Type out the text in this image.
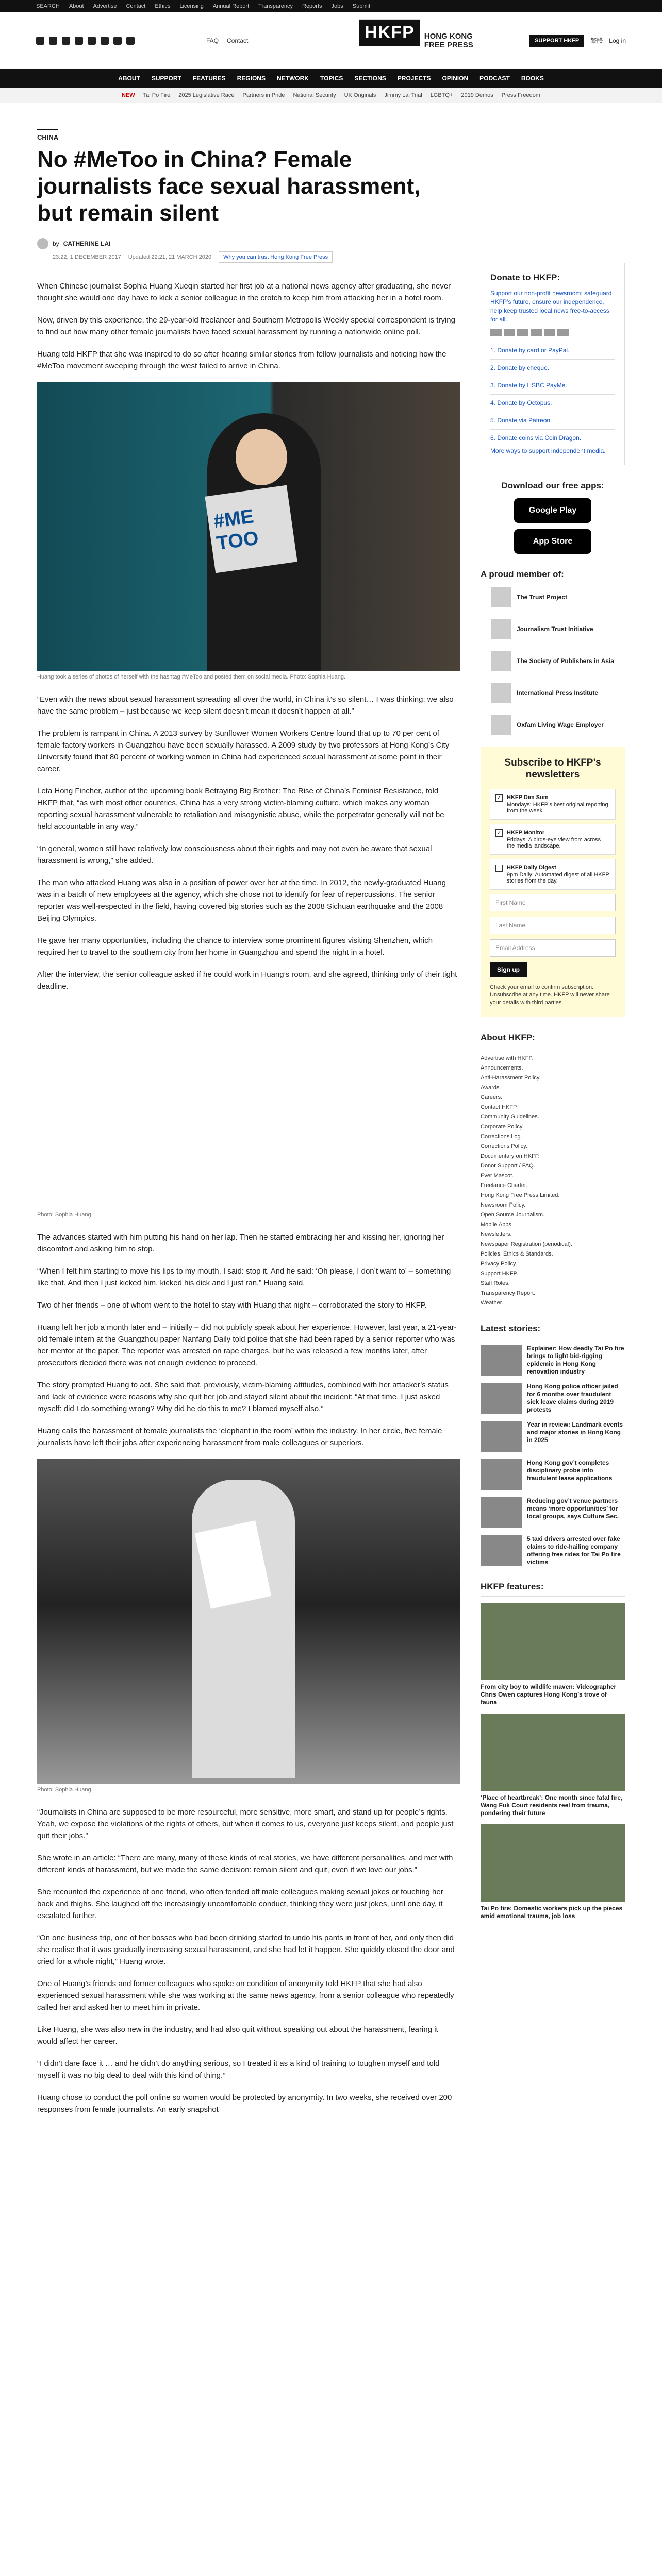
SEARCH About Advertise Contact Ethics Licensing Annual Report Transparency Reports Jobs Submit
FAQ Contact	HKFP	HONG KONG
FREE PRESS	SUPPORT HKFP	繁體 Log in
ABOUT SUPPORT FEATURES REGIONS NETWORK TOPICS SECTIONS PROJECTS OPINION PODCAST BOOKS
NEW Tai Po Fire 2025 Legislative Race Partners in Pride National Security UK Originals Jimmy Lai Trial LGBTQ+ 2019 Demos Press Freedom
CHINA
No #MeToo in China? Female journalists face sexual harassment, but remain silent
by CATHERINE LAI
23:22, 1 DECEMBER 2017 Updated 22:21, 21 MARCH 2020	Why you can trust Hong Kong Free Press

When Chinese journalist Sophia Huang Xueqin started her first job at a national news agency after graduating, she never thought she would one day have to kick a senior colleague in the crotch to keep him from attacking her in a hotel room.

Now, driven by this experience, the 29-year-old freelancer and Southern Metropolis Weekly special correspondent is trying to find out how many other female journalists have faced sexual harassment by running a nationwide online poll.

Huang told HKFP that she was inspired to do so after hearing similar stories from fellow journalists and noticing how the #MeToo movement sweeping through the west failed to arrive in China.

#ME TOO
Huang took a series of photos of herself with the hashtag #MeToo and posted them on social media. Photo: Sophia Huang.

“Even with the news about sexual harassment spreading all over the world, in China it’s so silent… I was thinking: we also have the same problem – just because we keep silent doesn’t mean it doesn’t happen at all.”

The problem is rampant in China. A 2013 survey by Sunflower Women Workers Centre found that up to 70 per cent of female factory workers in Guangzhou have been sexually harassed. A 2009 study by two professors at Hong Kong’s City University found that 80 percent of working women in China had experienced sexual harassment at some point in their career.

Leta Hong Fincher, author of the upcoming book Betraying Big Brother: The Rise of China’s Feminist Resistance, told HKFP that, “as with most other countries, China has a very strong victim-blaming culture, which makes any woman reporting sexual harassment vulnerable to retaliation and misogynistic abuse, while the perpetrator generally will not be held accountable in any way.”

“In general, women still have relatively low consciousness about their rights and may not even be aware that sexual harassment is wrong,” she added.

The man who attacked Huang was also in a position of power over her at the time. In 2012, the newly-graduated Huang was in a batch of new employees at the agency, which she chose not to identify for fear of repercussions. The senior reporter was well-respected in the field, having covered big stories such as the 2008 Sichuan earthquake and the 2008 Beijing Olympics.

He gave her many opportunities, including the chance to interview some prominent figures visiting Shenzhen, which required her to travel to the southern city from her home in Guangzhou and spend the night in a hotel.

After the interview, the senior colleague asked if he could work in Huang’s room, and she agreed, thinking only of their tight deadline.

Photo: Sophia Huang.

The advances started with him putting his hand on her lap. Then he started embracing her and kissing her, ignoring her discomfort and asking him to stop.

“When I felt him starting to move his lips to my mouth, I said: stop it. And he said: ‘Oh please, I don’t want to’ – something like that. And then I just kicked him, kicked his dick and I just ran,” Huang said.

Two of her friends – one of whom went to the hotel to stay with Huang that night – corroborated the story to HKFP.

Huang left her job a month later and – initially – did not publicly speak about her experience. However, last year, a 21-year-old female intern at the Guangzhou paper Nanfang Daily told police that she had been raped by a senior reporter who was her mentor at the paper. The reporter was arrested on rape charges, but he was released a few months later, after prosecutors decided there was not enough evidence to proceed.

The story prompted Huang to act. She said that, previously, victim-blaming attitudes, combined with her attacker’s status and lack of evidence were reasons why she quit her job and stayed silent about the incident: “At that time, I just asked myself: did I do something wrong? Why did he do this to me? I blamed myself also.”

Huang calls the harassment of female journalists the ‘elephant in the room’ within the industry. In her circle, five female journalists have left their jobs after experiencing harassment from male colleagues or superiors.

Photo: Sophia Huang.

“Journalists in China are supposed to be more resourceful, more sensitive, more smart, and stand up for people’s rights. Yeah, we expose the violations of the rights of others, but when it comes to us, everyone just keeps silent, and people just quit their jobs.”

She wrote in an article: “There are many, many of these kinds of real stories, we have different personalities, and met with different kinds of harassment, but we made the same decision: remain silent and quit, even if we love our jobs.”

She recounted the experience of one friend, who often fended off male colleagues making sexual jokes or touching her back and thighs. She laughed off the increasingly uncomfortable conduct, thinking they were just jokes, until one day, it escalated further.

“On one business trip, one of her bosses who had been drinking started to undo his pants in front of her, and only then did she realise that it was gradually increasing sexual harassment, and she had let it happen. She quickly closed the door and cried for a whole night,” Huang wrote.

One of Huang’s friends and former colleagues who spoke on condition of anonymity told HKFP that she had also experienced sexual harassment while she was working at the same news agency, from a senior colleague who repeatedly called her and asked her to meet him in private.

Like Huang, she was also new in the industry, and had also quit without speaking out about the harassment, fearing it would affect her career.

“I didn’t dare face it … and he didn’t do anything serious, so I treated it as a kind of training to toughen myself and told myself it was no big deal to deal with this kind of thing.”

Huang chose to conduct the poll online so women would be protected by anonymity. In two weeks, she received over 200 responses from female journalists. An early snapshot

Donate to HKFP:
Support our non-profit newsroom: safeguard HKFP’s future, ensure our independence, help keep trusted local news free-to-access for all.
1. Donate by card or PayPal.
2. Donate by cheque.
3. Donate by HSBC PayMe.
4. Donate by Octopus.
5. Donate via Patreon.
6. Donate coins via Coin Dragon.
More ways to support independent media.
Download our free apps:
Google Play
App Store
A proud member of:
The Trust Project
Journalism Trust Initiative
The Society of Publishers in Asia
International Press Institute
Oxfam Living Wage Employer
Subscribe to HKFP’s newsletters
✓ HKFP Dim Sum
Mondays: HKFP’s best original reporting from the week.
✓ HKFP Monitor
Fridays: A birds-eye view from across the media landscape.
HKFP Daily Digest
9pm Daily: Automated digest of all HKFP stories from the day.
First Name
Last Name
Email Address
Sign up
Check your email to confirm subscription. Unsubscribe at any time. HKFP will never share your details with third parties.
About HKFP:
Advertise with HKFP.
Announcements.
Anti-Harassment Policy.
Awards.
Careers.
Contact HKFP.
Community Guidelines.
Corporate Policy.
Corrections Log.
Corrections Policy.
Documentary on HKFP.
Donor Support / FAQ.
Ever Mascot.
Freelance Charter.
Hong Kong Free Press Limited.
Newsroom Policy.
Open Source Journalism.
Mobile Apps.
Newsletters.
Newspaper Registration (periodical).
Policies, Ethics & Standards.
Privacy Policy.
Support HKFP.
Staff Roles.
Transparency Report.
Weather.
Latest stories:
Explainer: How deadly Tai Po fire brings to light bid-rigging epidemic in Hong Kong renovation industry
Hong Kong police officer jailed for 6 months over fraudulent sick leave claims during 2019 protests
Year in review: Landmark events and major stories in Hong Kong in 2025
Hong Kong gov’t completes disciplinary probe into fraudulent lease applications
Reducing gov’t venue partners means ‘more opportunities’ for local groups, says Culture Sec.
5 taxi drivers arrested over fake claims to ride-hailing company offering free rides for Tai Po fire victims
HKFP features:
From city boy to wildlife maven: Videographer Chris Owen captures Hong Kong’s trove of fauna
‘Place of heartbreak’: One month since fatal fire, Wang Fuk Court residents reel from trauma, pondering their future
Tai Po fire: Domestic workers pick up the pieces amid emotional trauma, job loss
